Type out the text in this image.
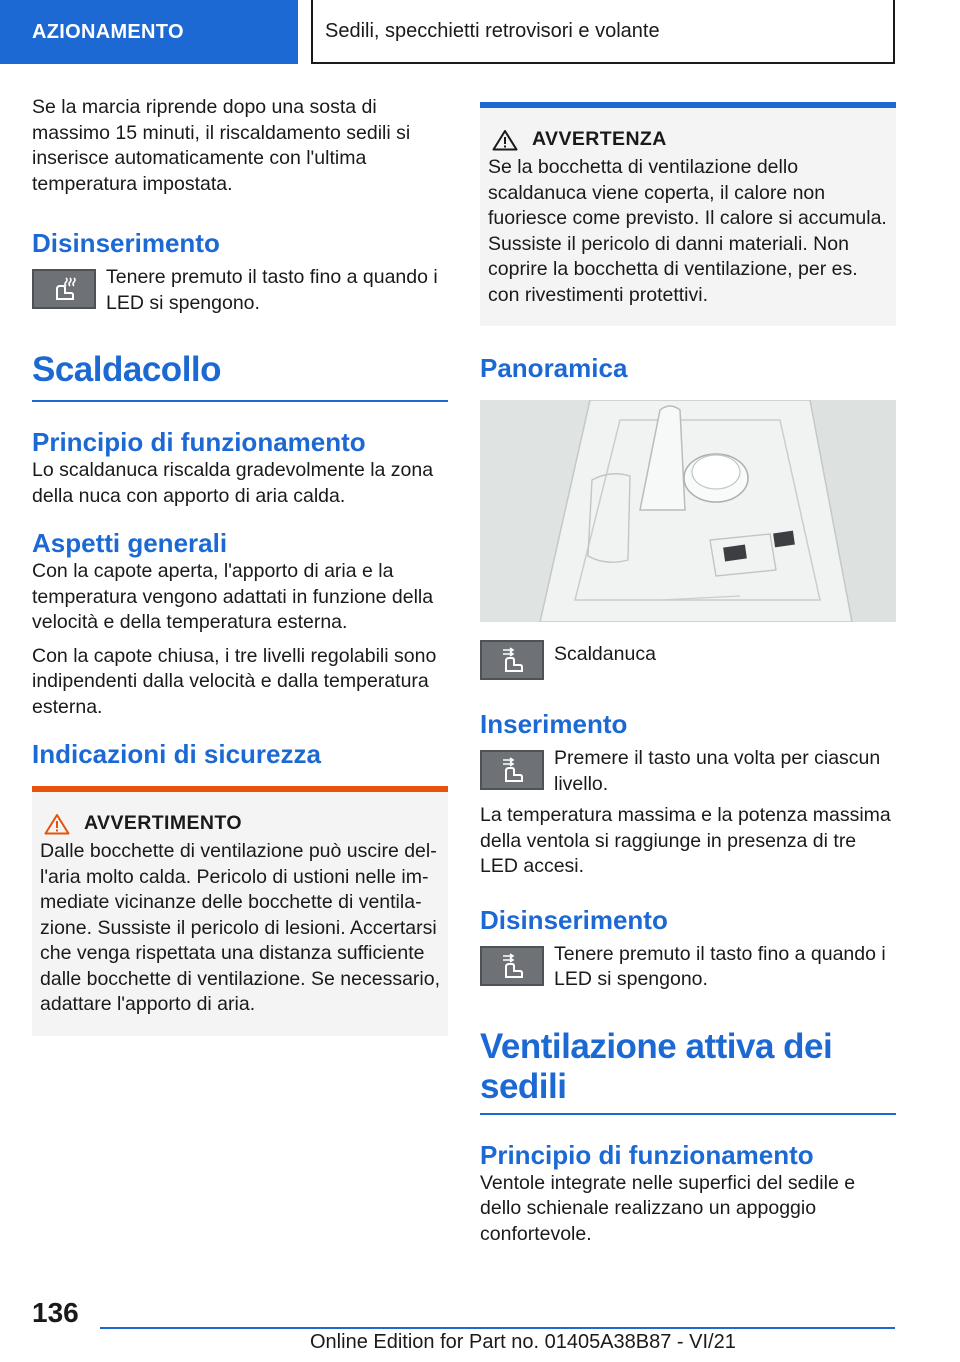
AZIONAMENTO	Sedili, specchietti retrovisori e volante

Se la marcia riprende dopo una sosta di massimo 15 minuti, il riscaldamento sedili si inserisce automaticamente con l'ultima temperatura impostata.

Disinserimento
Tenere premuto il tasto fino a quando i LED si spengono.
Scaldacollo
Principio di funzionamento

Lo scaldanuca riscalda gradevolmente la zona della nuca con apporto di aria calda.

Aspetti generali

Con la capote aperta, l'apporto di aria e la temperatura vengono adattati in funzione della velocità e della temperatura esterna.

Con la capote chiusa, i tre livelli regolabili sono indipendenti dalla velocità e dalla temperatura esterna.

Indicazioni di sicurezza
AVVERTIMENTO
Dalle bocchette di ventilazione può uscire dell'aria molto calda. Pericolo di ustioni nelle immediate vicinanze delle bocchette di ventilazione. Sussiste il pericolo di lesioni. Accertarsi che venga rispettata una distanza sufficiente dalle bocchette di ventilazione. Se necessario, adattare l'apporto di aria.
AVVERTENZA
Se la bocchetta di ventilazione dello scaldanuca viene coperta, il calore non fuoriesce come previsto. Il calore si accumula. Sussiste il pericolo di danni materiali. Non coprire la bocchetta di ventilazione, per es. con rivestimenti protettivi.
Panoramica
Scaldanuca
Inserimento
Premere il tasto una volta per ciascun livello.

La temperatura massima e la potenza massima della ventola si raggiunge in presenza di tre LED accesi.

Disinserimento
Tenere premuto il tasto fino a quando i LED si spengono.
Ventilazione attiva dei sedili
Principio di funzionamento

Ventole integrate nelle superfici del sedile e dello schienale realizzano un appoggio confortevole.

136
Online Edition for Part no. 01405A38B87 - VI/21
